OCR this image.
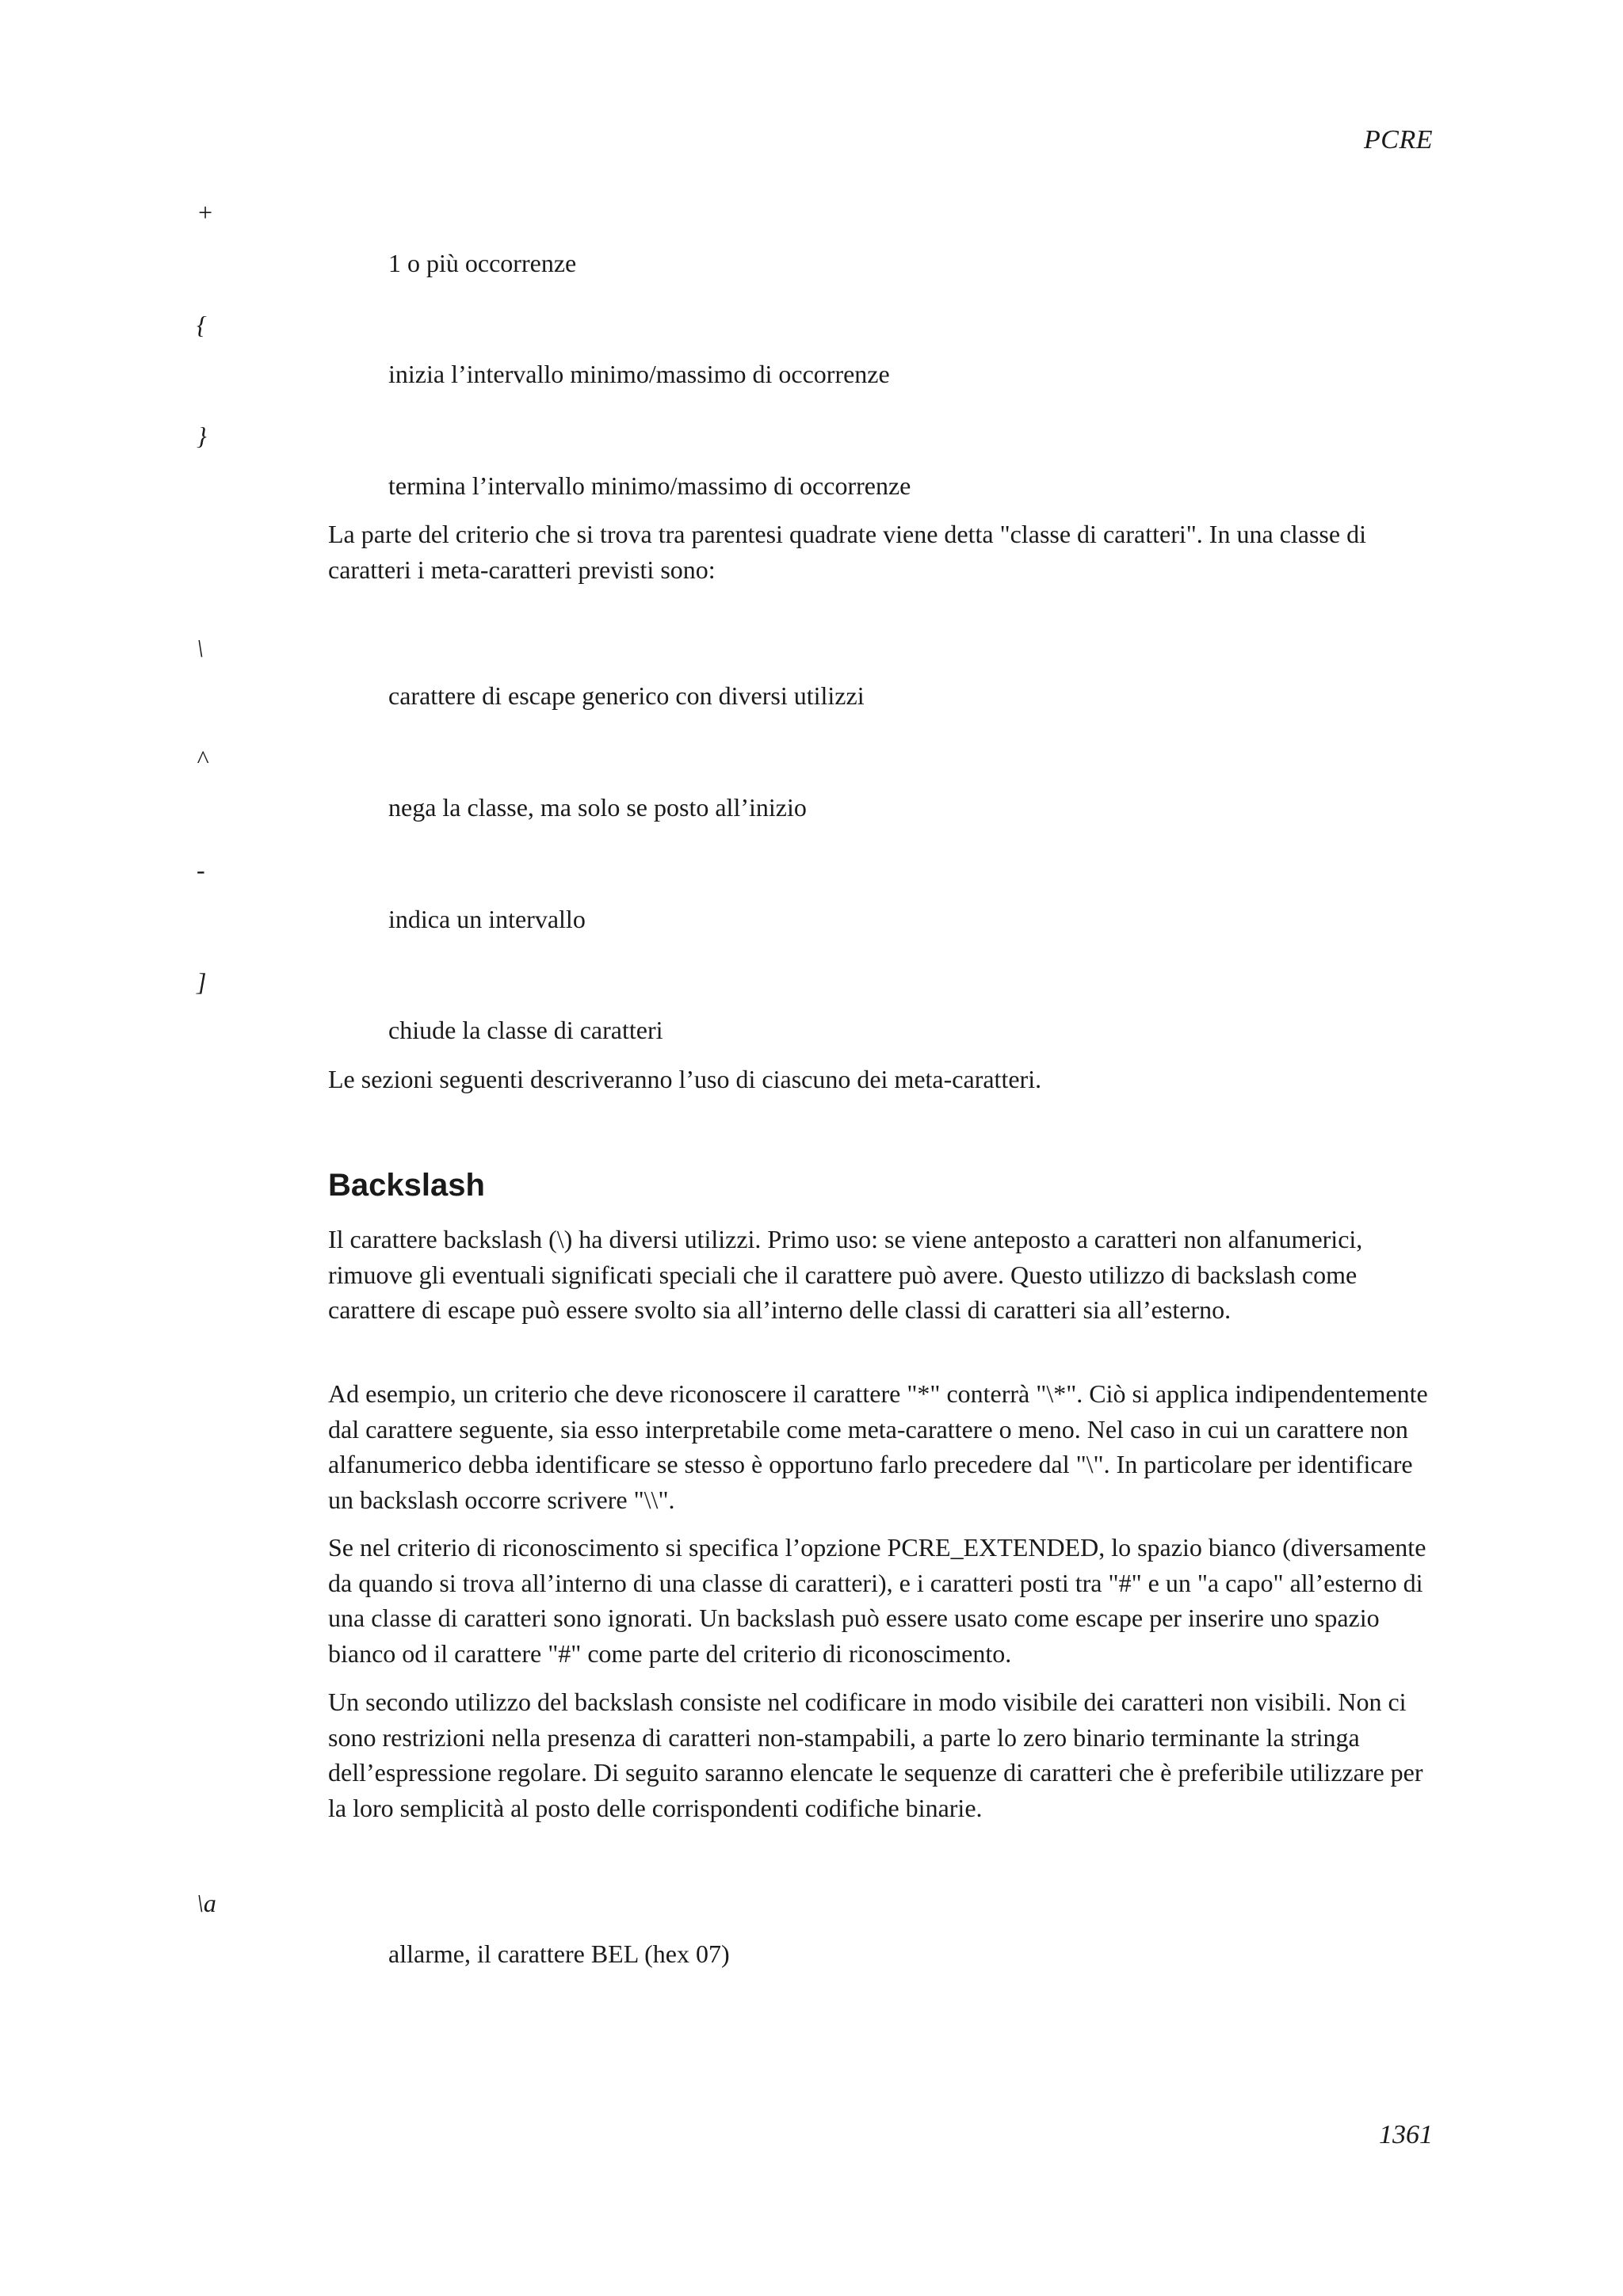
PCRE
+
1 o più occorrenze
{
inizia l’intervallo minimo/massimo di occorrenze
}
termina l’intervallo minimo/massimo di occorrenze

La parte del criterio che si trova tra parentesi quadrate viene detta "classe di caratteri". In una classe di caratteri i meta-caratteri previsti sono:

\
carattere di escape generico con diversi utilizzi
^
nega la classe, ma solo se posto all’inizio
-
indica un intervallo
]
chiude la classe di caratteri

Le sezioni seguenti descriveranno l’uso di ciascuno dei meta-caratteri.

Backslash

Il carattere backslash (\) ha diversi utilizzi. Primo uso: se viene anteposto a caratteri non alfanumerici, rimuove gli eventuali significati speciali che il carattere può avere. Questo utilizzo di backslash come carattere di escape può essere svolto sia all’interno delle classi di caratteri sia all’esterno.

Ad esempio, un criterio che deve riconoscere il carattere "*" conterrà "\*". Ciò si applica indipendentemente dal carattere seguente, sia esso interpretabile come meta-carattere o meno. Nel caso in cui un carattere non alfanumerico debba identificare se stesso è opportuno farlo precedere dal "\". In particolare per identificare un backslash occorre scrivere "\\".

Se nel criterio di riconoscimento si specifica l’opzione PCRE_EXTENDED, lo spazio bianco (diversamente da quando si trova all’interno di una classe di caratteri), e i caratteri posti tra "#" e un "a capo" all’esterno di una classe di caratteri sono ignorati. Un backslash può essere usato come escape per inserire uno spazio bianco od il carattere "#" come parte del criterio di riconoscimento.

Un secondo utilizzo del backslash consiste nel codificare in modo visibile dei caratteri non visibili. Non ci sono restrizioni nella presenza di caratteri non-stampabili, a parte lo zero binario terminante la stringa dell’espressione regolare. Di seguito saranno elencate le sequenze di caratteri che è preferibile utilizzare per la loro semplicità al posto delle corrispondenti codifiche binarie.

\a
allarme, il carattere BEL (hex 07)
1361
